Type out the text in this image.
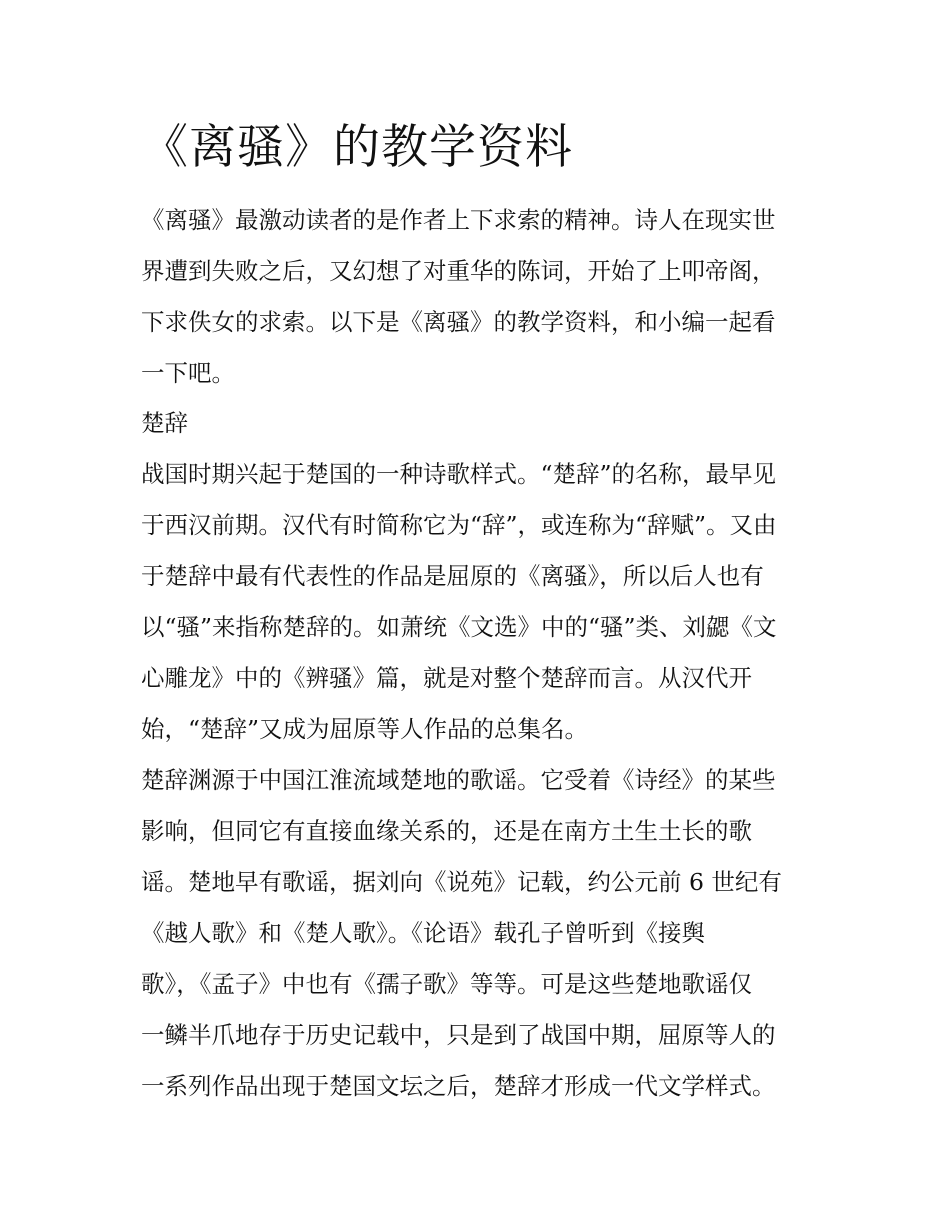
《离骚》的教学资料

《离骚》最激动读者的是作者上下求索的精神。诗人在现实世

界遭到失败之后，又幻想了对重华的陈词，开始了上叩帝阁，

下求佚女的求索。以下是《离骚》的教学资料，和小编一起看

一下吧。

楚辞

战国时期兴起于楚国的一种诗歌样式。“楚辞”的名称，最早见

于西汉前期。汉代有时简称它为“辞”，或连称为“辞赋”。又由

于楚辞中最有代表性的作品是屈原的《离骚》，所以后人也有

以“骚”来指称楚辞的。如萧统《文选》中的“骚”类、刘勰《文

心雕龙》中的《辨骚》篇，就是对整个楚辞而言。从汉代开

始，“楚辞”又成为屈原等人作品的总集名。

楚辞渊源于中国江淮流域楚地的歌谣。它受着《诗经》的某些

影响，但同它有直接血缘关系的，还是在南方土生土长的歌

谣。楚地早有歌谣，据刘向《说苑》记载，约公元前 6 世纪有

《越人歌》和《楚人歌》。《论语》载孔子曾听到《接舆

歌》，《孟子》中也有《孺子歌》等等。可是这些楚地歌谣仅

一鳞半爪地存于历史记载中，只是到了战国中期，屈原等人的

一系列作品出现于楚国文坛之后，楚辞才形成一代文学样式。
